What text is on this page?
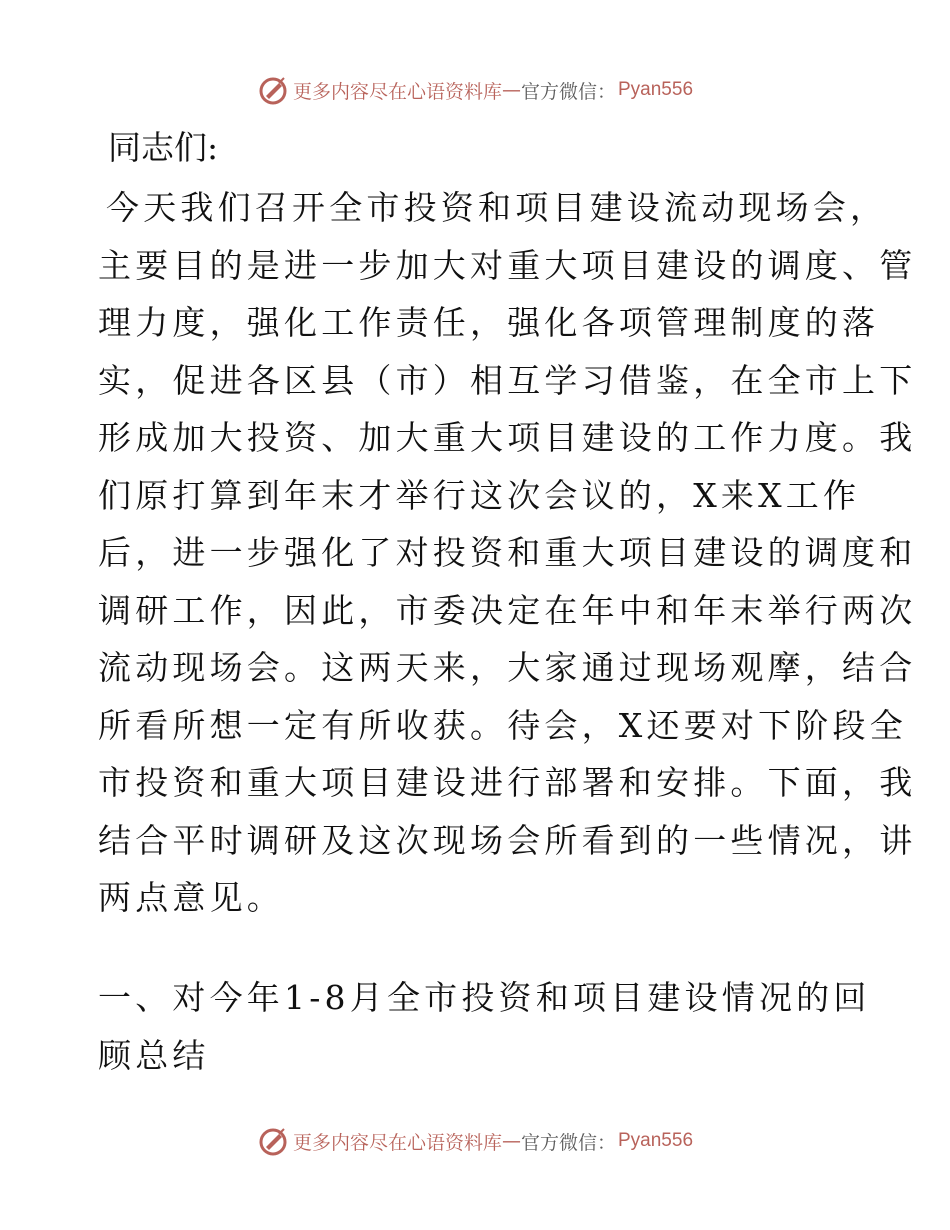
更多内容尽在心语资料库 — 官方微信： Pyan556

同志们:

今天我们召开全市投资和项目建设流动现场会，
主要目的是进一步加大对重大项目建设的调度、管
理力度，强化工作责任，强化各项管理制度的落
实，促进各区县（市）相互学习借鉴，在全市上下
形成加大投资、加大重大项目建设的工作力度。我
们原打算到年末才举行这次会议的，X来X工作
后，进一步强化了对投资和重大项目建设的调度和
调研工作，因此，市委决定在年中和年末举行两次
流动现场会。这两天来，大家通过现场观摩，结合
所看所想一定有所收获。待会，X还要对下阶段全
市投资和重大项目建设进行部署和安排。下面，我
结合平时调研及这次现场会所看到的一些情况，讲
两点意见。

一、对今年1-8月全市投资和项目建设情况的回
顾总结

更多内容尽在心语资料库 — 官方微信： Pyan556
